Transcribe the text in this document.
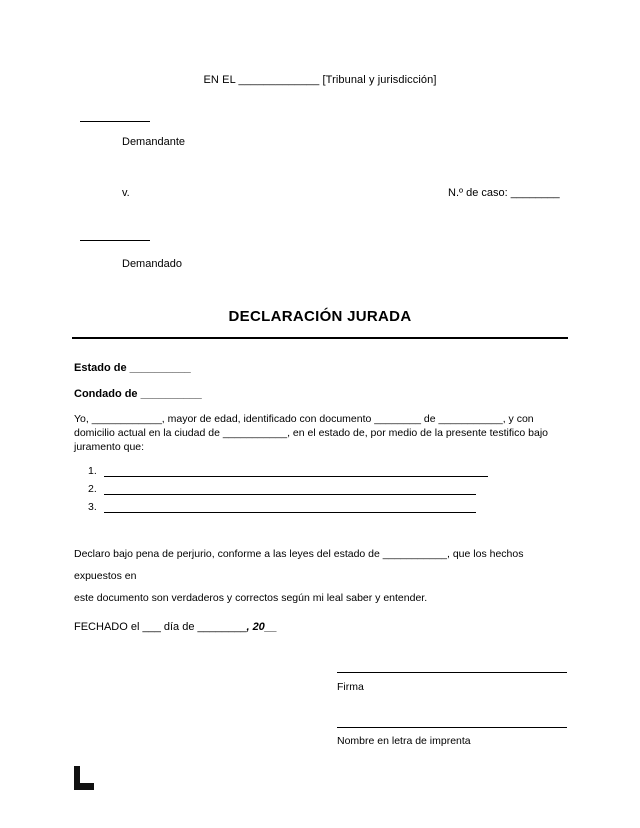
EN EL _____________ [Tribunal y jurisdicción]
Demandante
v.	N.º de caso: ________
Demandado
DECLARACIÓN JURADA
Estado de __________
Condado de __________
Yo, ____________, mayor de edad, identificado con documento ________ de ___________, y con domicilio actual en la ciudad de ___________, en el estado de, por medio de la presente testifico bajo juramento que:
1.
2.
3.
Declaro bajo pena de perjurio, conforme a las leyes del estado de ___________, que los hechos expuestos en
este documento son verdaderos y correctos según mi leal saber y entender.
FECHADO el ___ día de ________, 20__
Firma
Nombre en letra de imprenta
